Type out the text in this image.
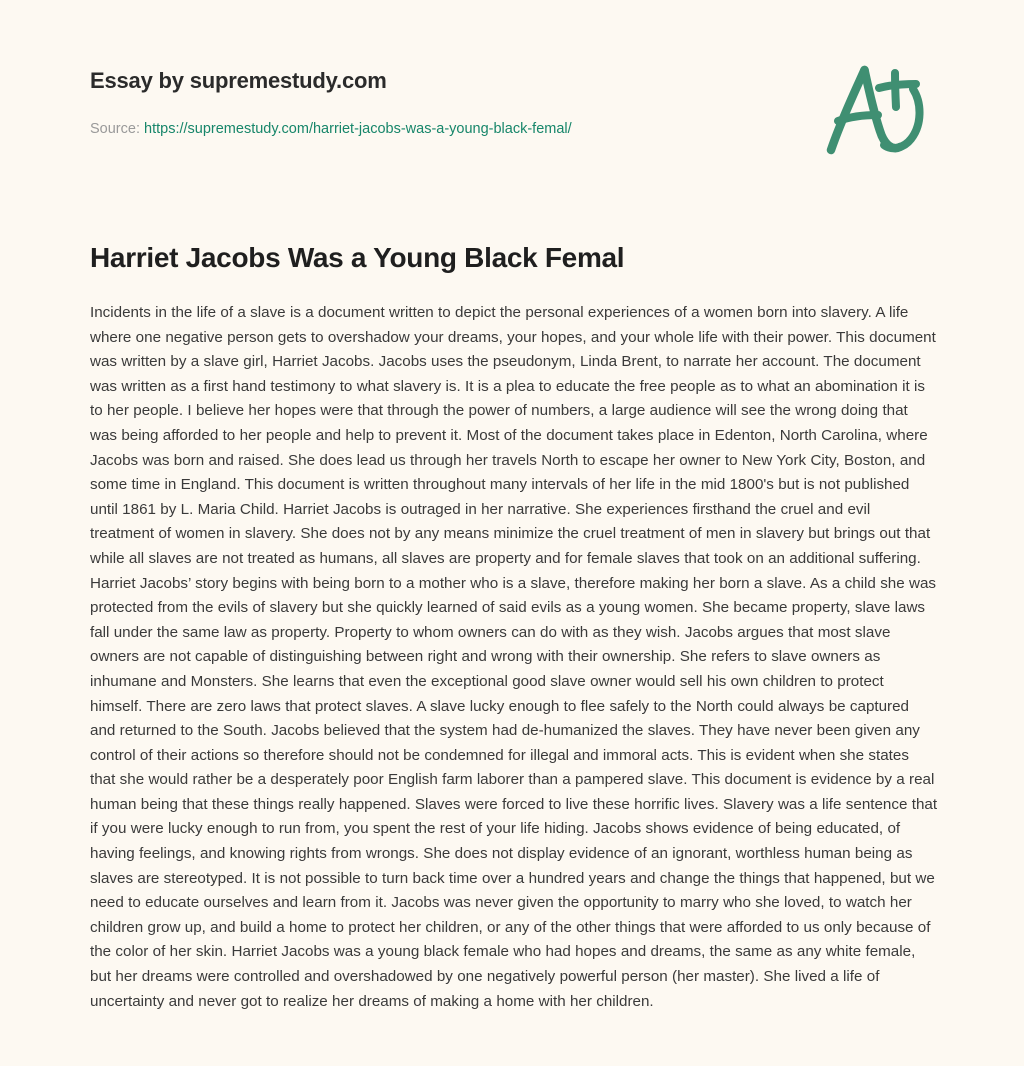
Essay by supremestudy.com
Source: https://supremestudy.com/harriet-jacobs-was-a-young-black-femal/
Harriet Jacobs Was a Young Black Femal

Incidents in the life of a slave is a document written to depict the personal experiences of a women born into slavery. A life where one negative person gets to overshadow your dreams, your hopes, and your whole life with their power. This document was written by a slave girl, Harriet Jacobs. Jacobs uses the pseudonym, Linda Brent, to narrate her account. The document was written as a first hand testimony to what slavery is. It is a plea to educate the free people as to what an abomination it is to her people. I believe her hopes were that through the power of numbers, a large audience will see the wrong doing that was being afforded to her people and help to prevent it. Most of the document takes place in Edenton, North Carolina, where Jacobs was born and raised. She does lead us through her travels North to escape her owner to New York City, Boston, and some time in England. This document is written throughout many intervals of her life in the mid 1800's but is not published until 1861 by L. Maria Child. Harriet Jacobs is outraged in her narrative. She experiences firsthand the cruel and evil treatment of women in slavery. She does not by any means minimize the cruel treatment of men in slavery but brings out that while all slaves are not treated as humans, all slaves are property and for female slaves that took on an additional suffering. Harriet Jacobs’ story begins with being born to a mother who is a slave, therefore making her born a slave. As a child she was protected from the evils of slavery but she quickly learned of said evils as a young women. She became property, slave laws fall under the same law as property. Property to whom owners can do with as they wish. Jacobs argues that most slave owners are not capable of distinguishing between right and wrong with their ownership. She refers to slave owners as inhumane and Monsters. She learns that even the exceptional good slave owner would sell his own children to protect himself. There are zero laws that protect slaves. A slave lucky enough to flee safely to the North could always be captured and returned to the South. Jacobs believed that the system had de-humanized the slaves. They have never been given any control of their actions so therefore should not be condemned for illegal and immoral acts. This is evident when she states that she would rather be a desperately poor English farm laborer than a pampered slave. This document is evidence by a real human being that these things really happened. Slaves were forced to live these horrific lives. Slavery was a life sentence that if you were lucky enough to run from, you spent the rest of your life hiding. Jacobs shows evidence of being educated, of having feelings, and knowing rights from wrongs. She does not display evidence of an ignorant, worthless human being as slaves are stereotyped. It is not possible to turn back time over a hundred years and change the things that happened, but we need to educate ourselves and learn from it. Jacobs was never given the opportunity to marry who she loved, to watch her children grow up, and build a home to protect her children, or any of the other things that were afforded to us only because of the color of her skin. Harriet Jacobs was a young black female who had hopes and dreams, the same as any white female, but her dreams were controlled and overshadowed by one negatively powerful person (her master). She lived a life of uncertainty and never got to realize her dreams of making a home with her children.
